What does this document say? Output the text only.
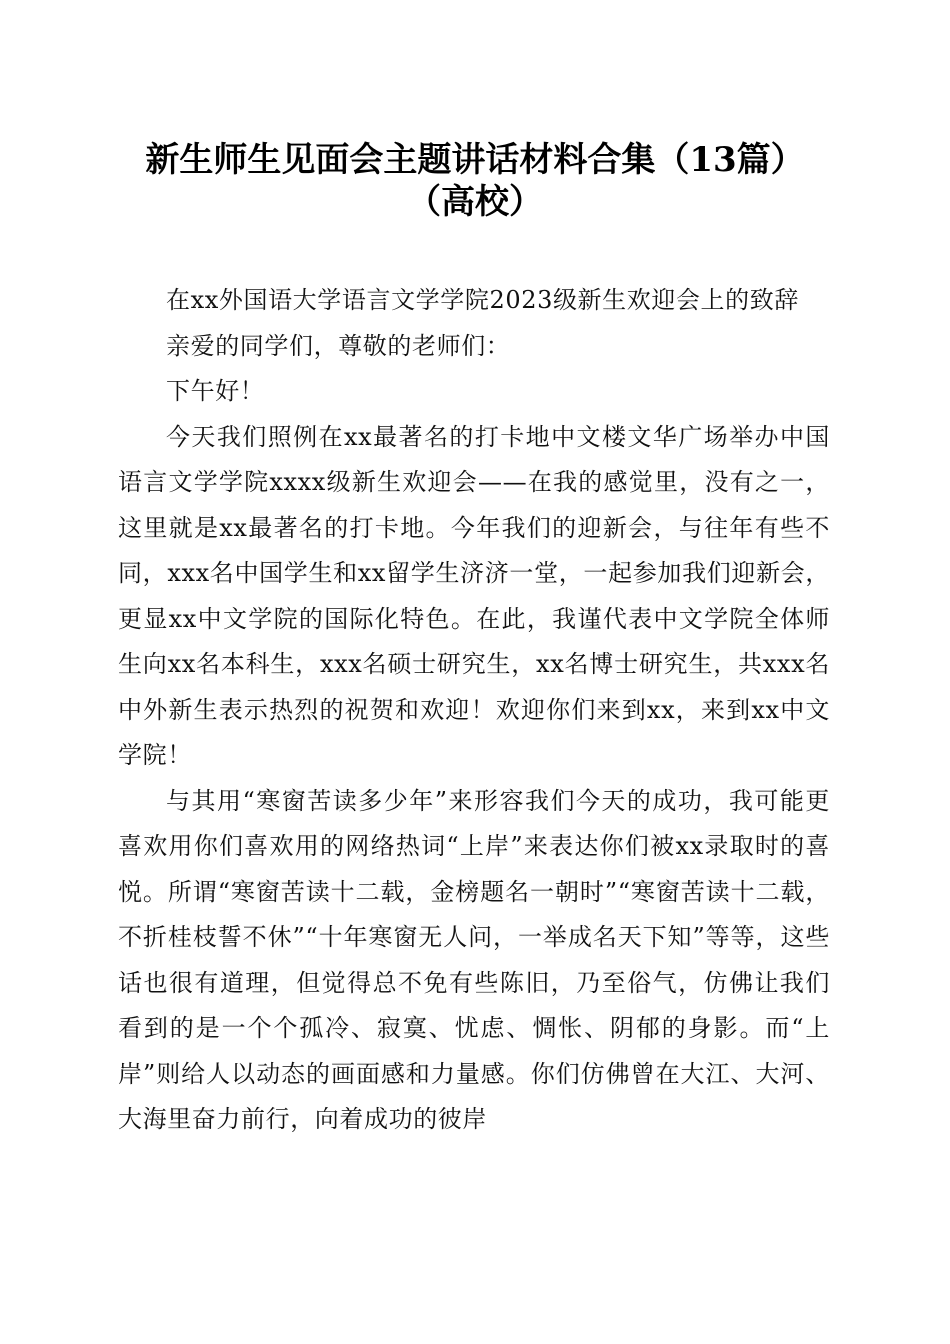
新生师生见面会主题讲话材料合集（13篇）
（高校）

在xx外国语大学语言文学学院2023级新生欢迎会上的致辞

亲爱的同学们，尊敬的老师们：

下午好！

今天我们照例在xx最著名的打卡地中文楼文华广场举办中国语言文学学院xxxx级新生欢迎会——在我的感觉里，没有之一，这里就是xx最著名的打卡地。今年我们的迎新会，与往年有些不同，xxx名中国学生和xx留学生济济一堂，一起参加我们迎新会，更显xx中文学院的国际化特色。在此，我谨代表中文学院全体师生向xx名本科生，xxx名硕士研究生，xx名博士研究生，共xxx名中外新生表示热烈的祝贺和欢迎！欢迎你们来到xx，来到xx中文学院！

与其用“寒窗苦读多少年”来形容我们今天的成功，我可能更喜欢用你们喜欢用的网络热词“上岸”来表达你们被xx录取时的喜悦。所谓“寒窗苦读十二载，金榜题名一朝时”“寒窗苦读十二载，不折桂枝誓不休”“十年寒窗无人问，一举成名天下知”等等，这些话也很有道理，但觉得总不免有些陈旧，乃至俗气，仿佛让我们看到的是一个个孤冷、寂寞、忧虑、惆怅、阴郁的身影。而“上岸”则给人以动态的画面感和力量感。你们仿佛曾在大江、大河、大海里奋力前行，向着成功的彼岸
